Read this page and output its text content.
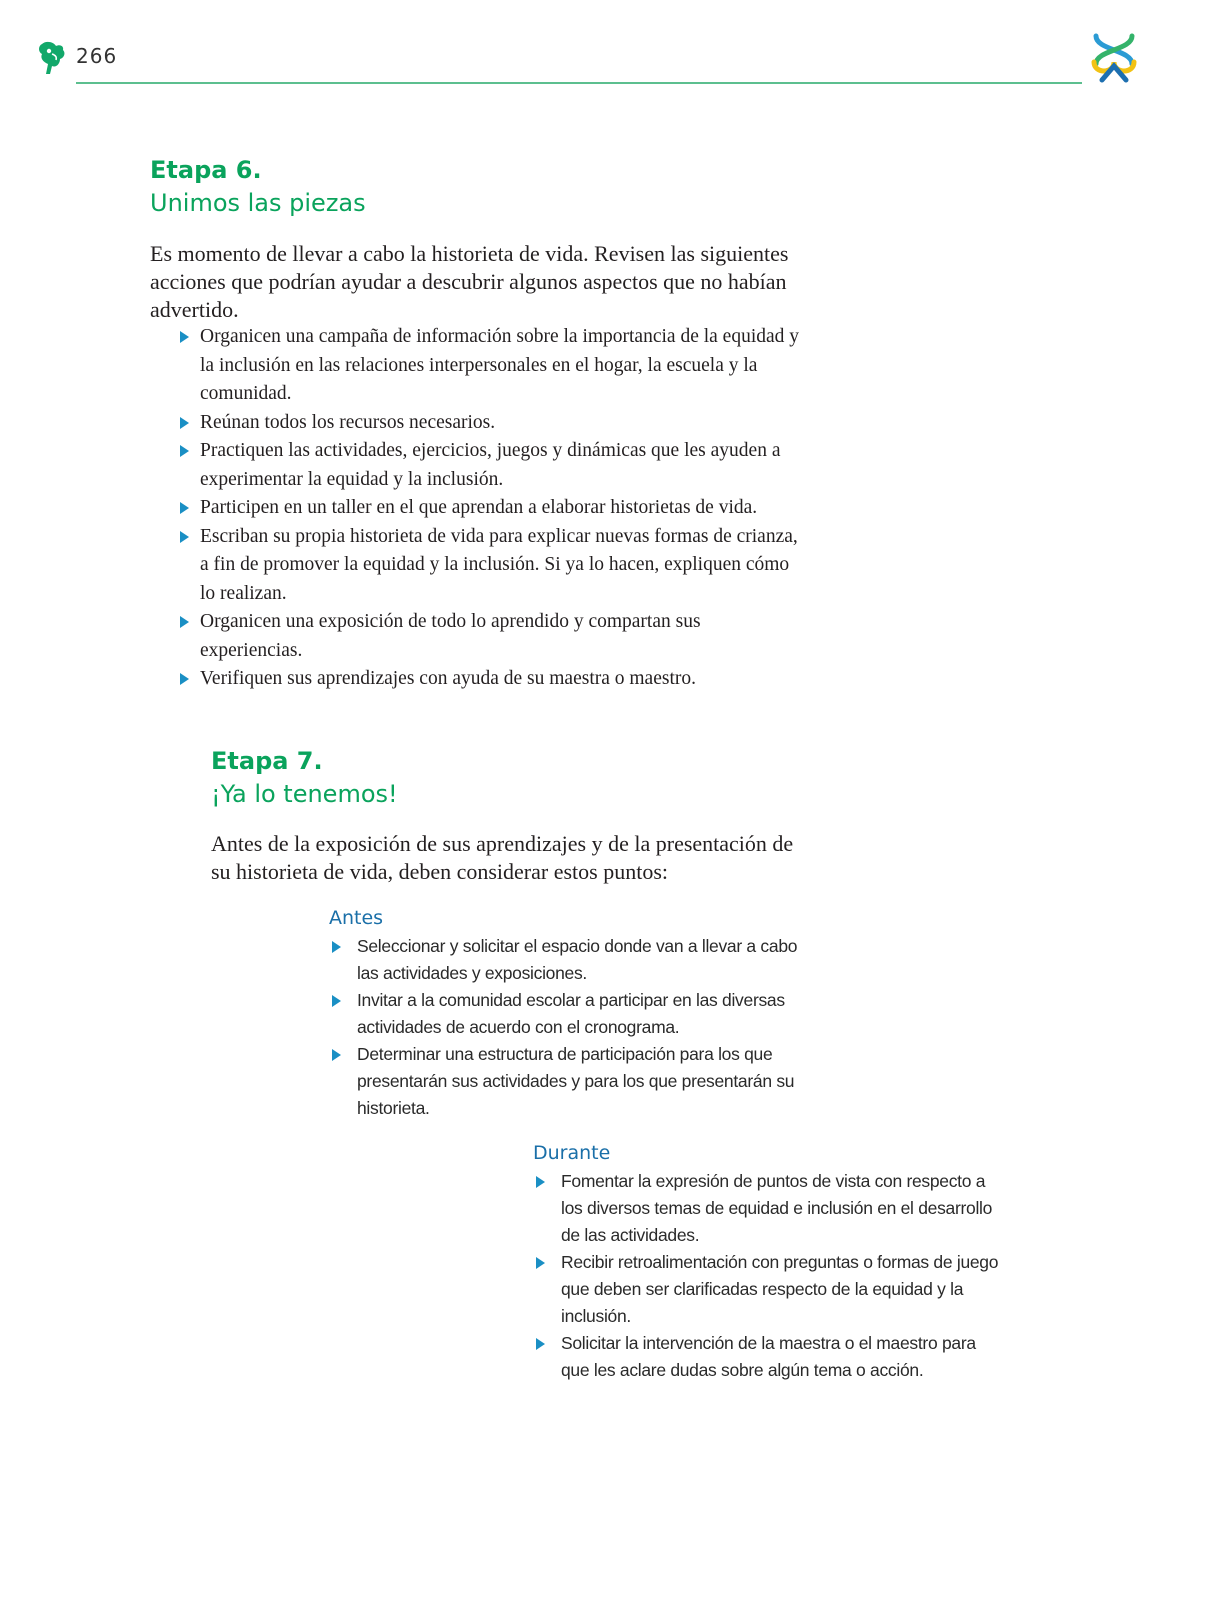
266
Etapa 6.
Unimos las piezas

Es momento de llevar a cabo la historieta de vida. Revisen las siguientes acciones que podrían ayudar a descubrir algunos aspectos que no habían advertido.

Organicen una campaña de información sobre la importancia de la equidad y la inclusión en las relaciones interpersonales en el hogar, la escuela y la comunidad.
Reúnan todos los recursos necesarios.
Practiquen las actividades, ejercicios, juegos y dinámicas que les ayuden a experimentar la equidad y la inclusión.
Participen en un taller en el que aprendan a elaborar historietas de vida.
Escriban su propia historieta de vida para explicar nuevas formas de crianza, a fin de promover la equidad y la inclusión. Si ya lo hacen, expliquen cómo lo realizan.
Organicen una exposición de todo lo aprendido y compartan sus experiencias.
Verifiquen sus aprendizajes con ayuda de su maestra o maestro.
Etapa 7.
¡Ya lo tenemos!

Antes de la exposición de sus aprendizajes y de la presentación de su historieta de vida, deben considerar estos puntos:

Antes
Seleccionar y solicitar el espacio donde van a llevar a cabo las actividades y exposiciones.
Invitar a la comunidad escolar a participar en las diversas actividades de acuerdo con el cronograma.
Determinar una estructura de participación para los que presentarán sus actividades y para los que presentarán su historieta.
Durante
Fomentar la expresión de puntos de vista con respecto a los diversos temas de equidad e inclusión en el desarrollo de las actividades.
Recibir retroalimentación con preguntas o formas de juego que deben ser clarificadas respecto de la equidad y la inclusión.
Solicitar la intervención de la maestra o el maestro para que les aclare dudas sobre algún tema o acción.
